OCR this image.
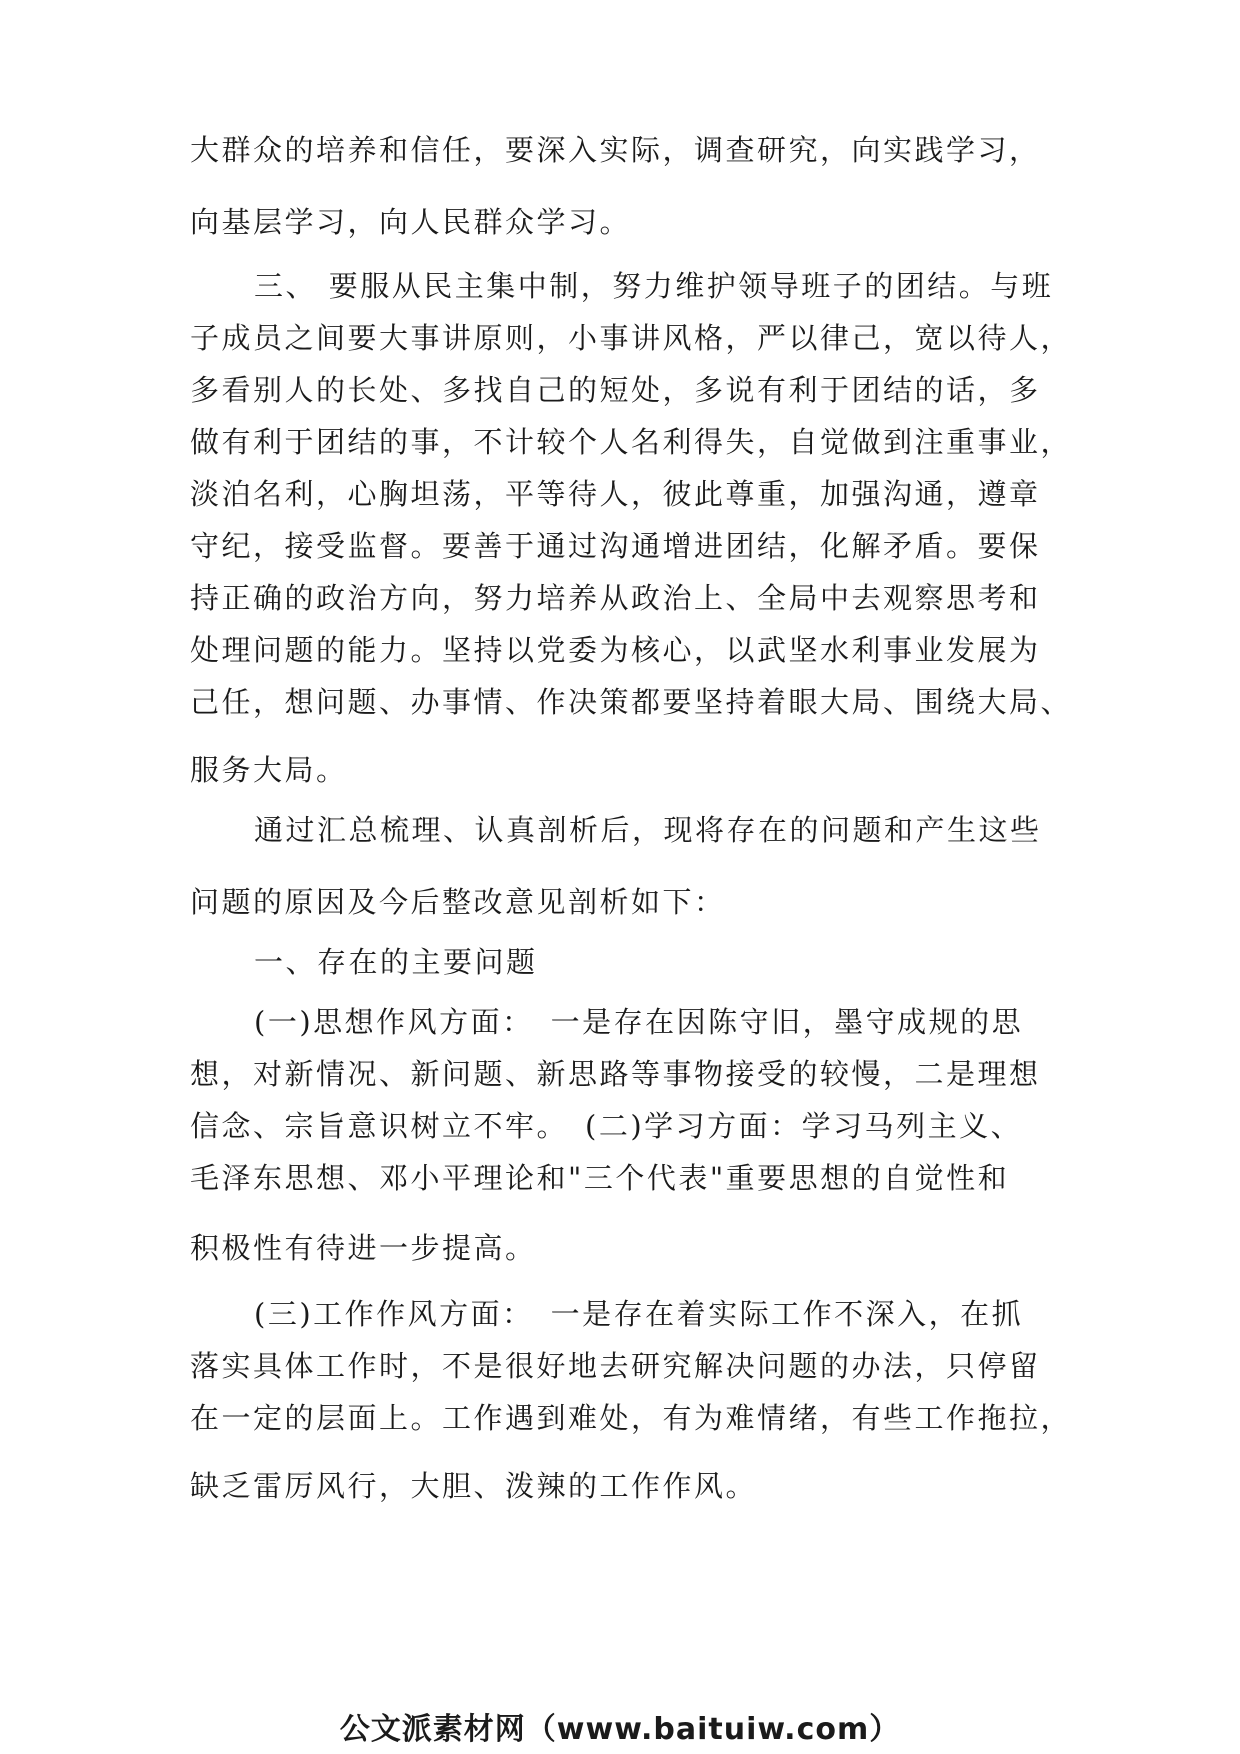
大群众的培养和信任，要深入实际，调查研究，向实践学习，
向基层学习，向人民群众学习。
三、 要服从民主集中制，努力维护领导班子的团结。与班
子成员之间要大事讲原则，小事讲风格，严以律己，宽以待人，
多看别人的长处、多找自己的短处，多说有利于团结的话，多
做有利于团结的事，不计较个人名利得失，自觉做到注重事业，
淡泊名利，心胸坦荡，平等待人，彼此尊重，加强沟通，遵章
守纪，接受监督。要善于通过沟通增进团结，化解矛盾。要保
持正确的政治方向，努力培养从政治上、全局中去观察思考和
处理问题的能力。坚持以党委为核心，以武坚水利事业发展为
己任，想问题、办事情、作决策都要坚持着眼大局、围绕大局、
服务大局。
通过汇总梳理、认真剖析后，现将存在的问题和产生这些
问题的原因及今后整改意见剖析如下：
一、存在的主要问题
(一)思想作风方面：　一是存在因陈守旧，墨守成规的思
想，对新情况、新问题、新思路等事物接受的较慢，二是理想
信念、宗旨意识树立不牢。　(二)学习方面：学习马列主义、
毛泽东思想、邓小平理论和"三个代表"重要思想的自觉性和
积极性有待进一步提高。
(三)工作作风方面：　一是存在着实际工作不深入，在抓
落实具体工作时，不是很好地去研究解决问题的办法，只停留
在一定的层面上。工作遇到难处，有为难情绪，有些工作拖拉，
缺乏雷厉风行，大胆、泼辣的工作作风。
公文派素材网（www.baituiw.com）
